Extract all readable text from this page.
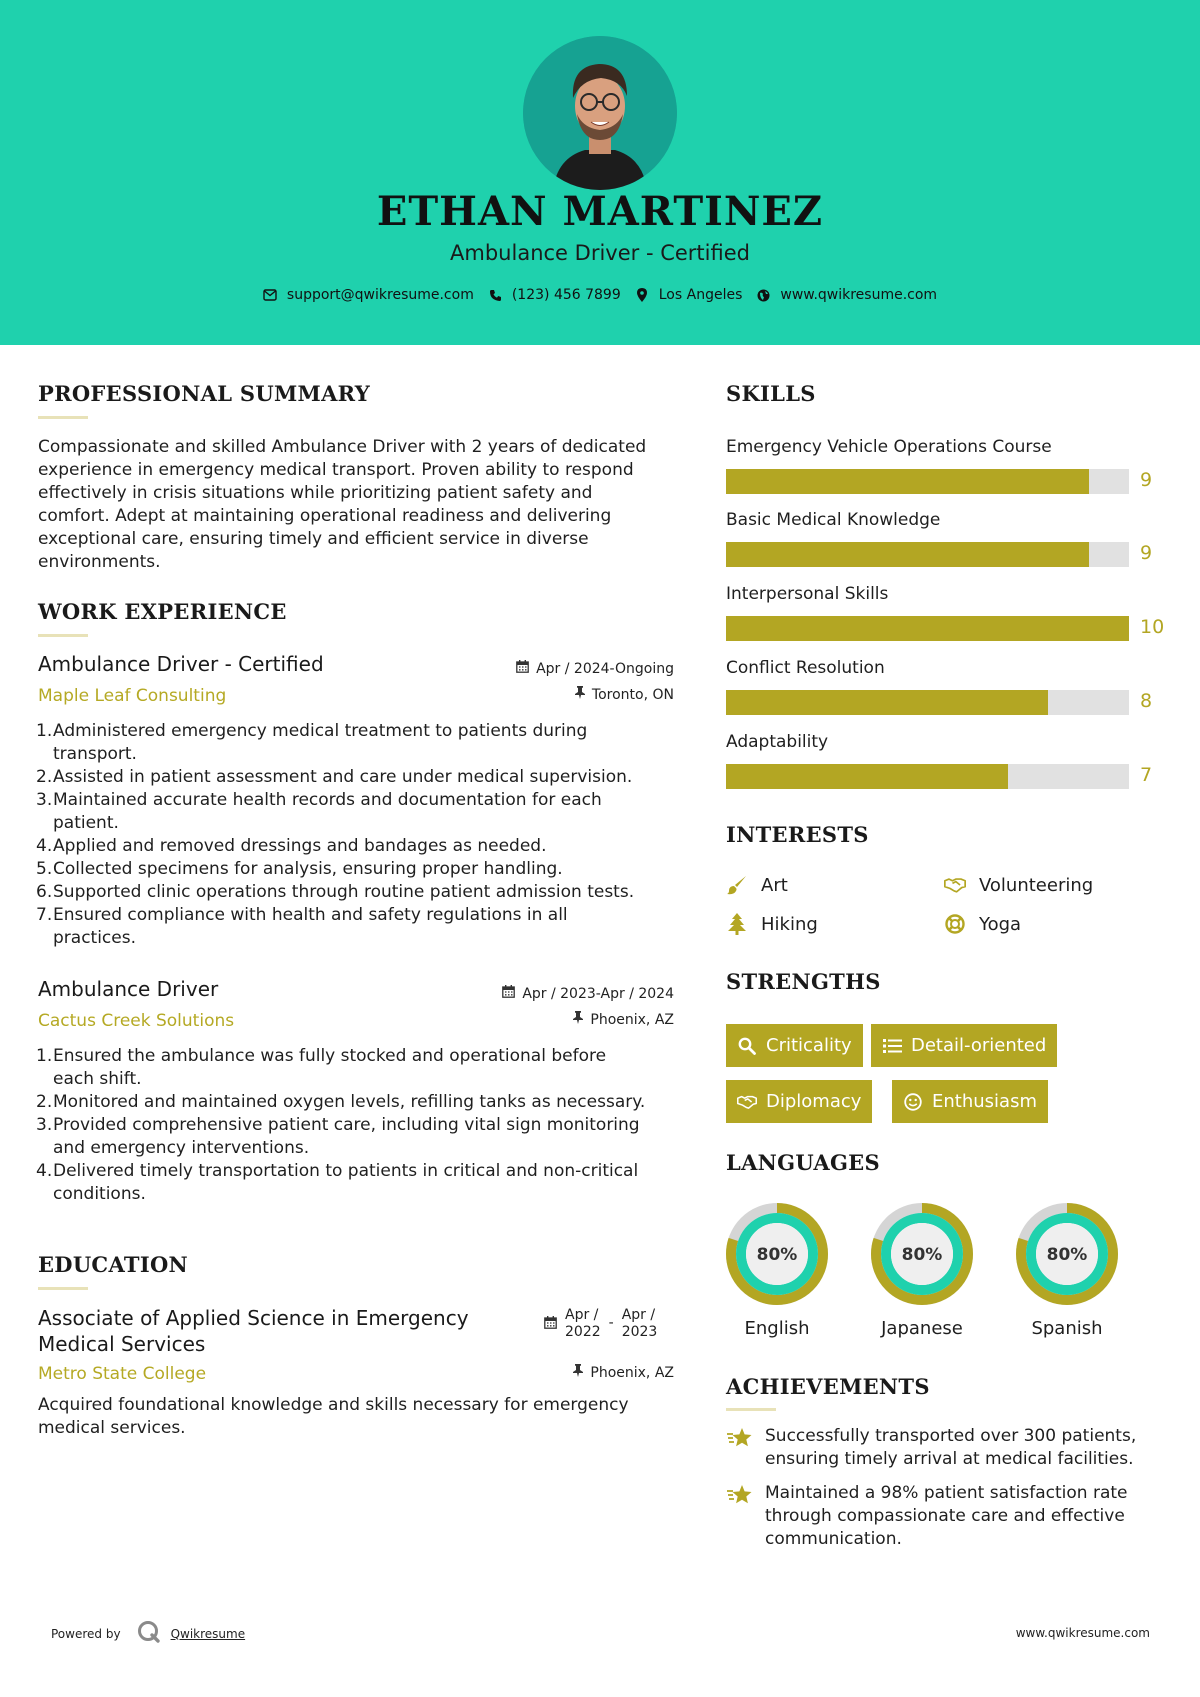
ETHAN MARTINEZ
Ambulance Driver - Certified
support@qwikresume.com	(123) 456 7899	Los Angeles	www.qwikresume.com
PROFESSIONAL SUMMARY
Compassionate and skilled Ambulance Driver with 2 years of dedicated
experience in emergency medical transport. Proven ability to respond
effectively in crisis situations while prioritizing patient safety and
comfort. Adept at maintaining operational readiness and delivering
exceptional care, ensuring timely and efficient service in diverse
environments.
WORK EXPERIENCE
Ambulance Driver - Certified
Maple Leaf Consulting
Apr / 2024-Ongoing
Toronto, ON
1. Administered emergency medical treatment to patients during
transport.
2. Assisted in patient assessment and care under medical supervision.
3. Maintained accurate health records and documentation for each
patient.
4. Applied and removed dressings and bandages as needed.
5. Collected specimens for analysis, ensuring proper handling.
6. Supported clinic operations through routine patient admission tests.
7. Ensured compliance with health and safety regulations in all
practices.
Ambulance Driver
Cactus Creek Solutions
Apr / 2023-Apr / 2024
Phoenix, AZ
1. Ensured the ambulance was fully stocked and operational before
each shift.
2. Monitored and maintained oxygen levels, refilling tanks as necessary.
3. Provided comprehensive patient care, including vital sign monitoring
and emergency interventions.
4. Delivered timely transportation to patients in critical and non-critical
conditions.
EDUCATION
Associate of Applied Science in Emergency
Medical Services
Apr /
2022
- Apr /
2023
Metro State College	Phoenix, AZ
Acquired foundational knowledge and skills necessary for emergency
medical services.
SKILLS
Emergency Vehicle Operations Course
9
Basic Medical Knowledge
9
Interpersonal Skills
10
Conflict Resolution
8
Adaptability
7
INTERESTS
Art	Volunteering
Hiking	Yoga
STRENGTHS
Criticality	Detail-oriented
Diplomacy	Enthusiasm
LANGUAGES
80%
English
80%
Japanese
80%
Spanish
ACHIEVEMENTS
Successfully transported over 300 patients,
ensuring timely arrival at medical facilities.
Maintained a 98% patient satisfaction rate
through compassionate care and effective
communication.
Powered by	Qwikresume	www.qwikresume.com
